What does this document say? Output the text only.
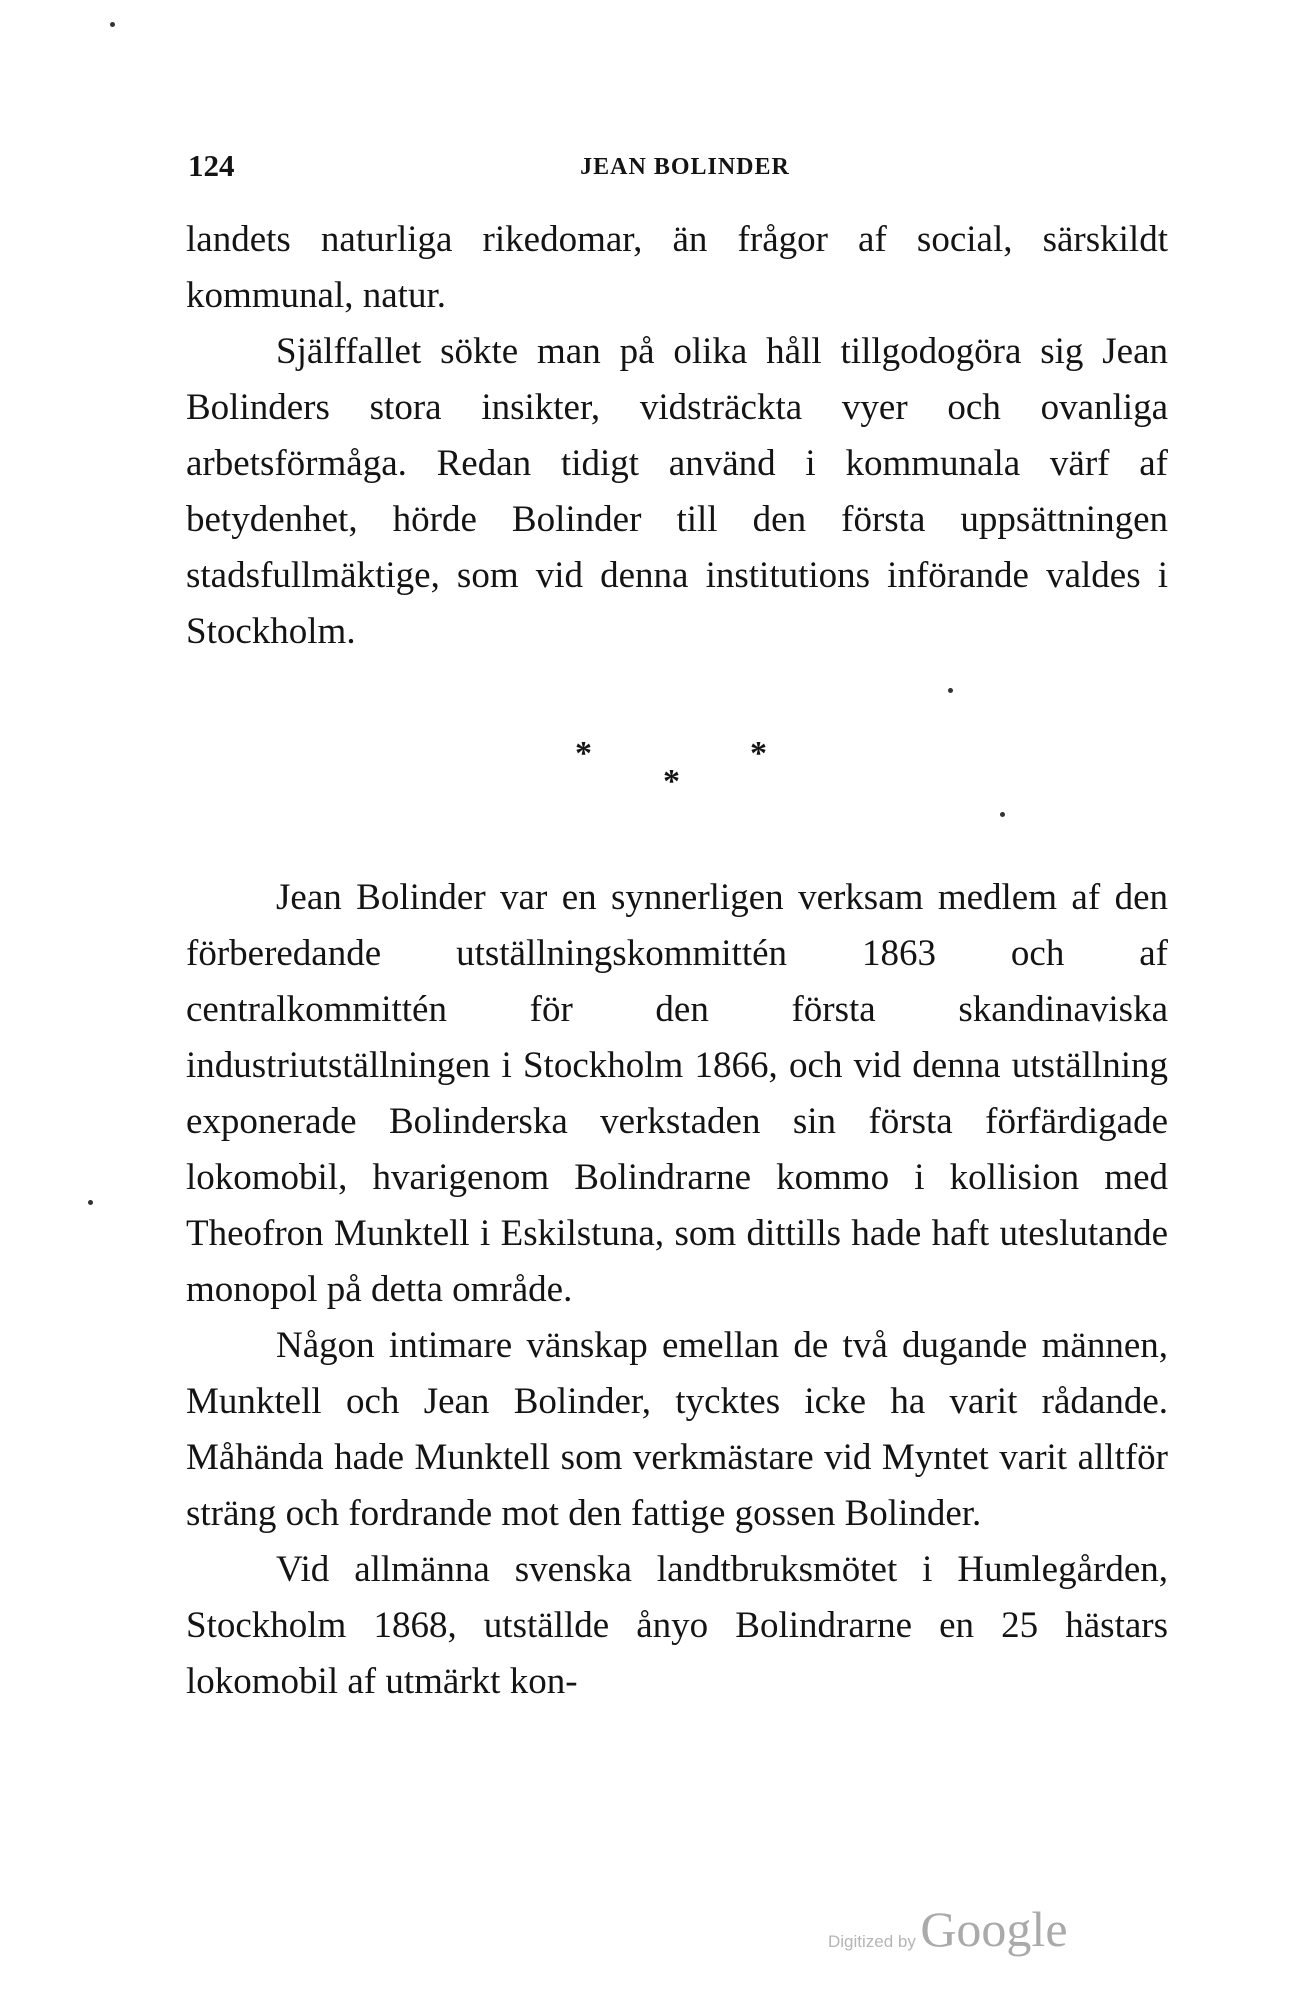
124	JEAN BOLINDER

landets naturliga rikedomar, än frågor af social, särskildt kommunal, natur.

Själffallet sökte man på olika håll tillgodogöra sig Jean Bolinders stora insikter, vidsträckta vyer och ovanliga arbetsförmåga. Redan tidigt använd i kommunala värf af betydenhet, hörde Bolinder till den första uppsättningen stadsfullmäktige, som vid denna institutions införande valdes i Stockholm.

*	*
*

Jean Bolinder var en synnerligen verksam medlem af den förberedande utställningskommittén 1863 och af centralkommittén för den första skandinaviska industriutställningen i Stockholm 1866, och vid denna utställning exponerade Bolinderska verkstaden sin första förfärdigade lokomobil, hvarigenom Bolindrarne kommo i kollision med Theofron Munktell i Eskilstuna, som dittills hade haft uteslutande monopol på detta område.

Någon intimare vänskap emellan de två dugande männen, Munktell och Jean Bolinder, tycktes icke ha varit rådande. Måhända hade Munktell som verkmästare vid Myntet varit alltför sträng och fordrande mot den fattige gossen Bolinder.

Vid allmänna svenska landtbruksmötet i Humlegården, Stockholm 1868, utställde ånyo Bolindrarne en 25 hästars lokomobil af utmärkt kon-

Digitized by Google
